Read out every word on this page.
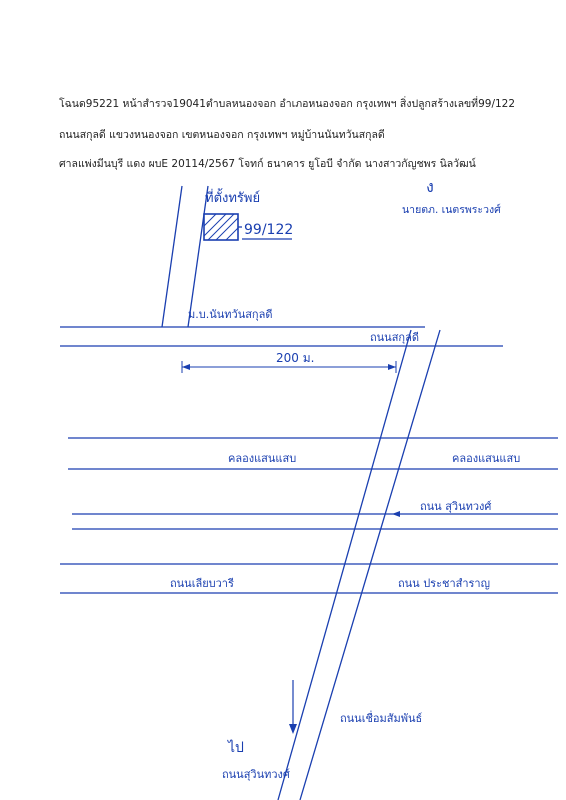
โฉนด95221 หน้าสำรวจ19041ตำบลหนองจอก อำเภอหนองจอก กรุงเทพฯ สิ่งปลูกสร้างเลขที่99/122
ถนนสกุลดี แขวงหนองจอก เขตหนองจอก กรุงเทพฯ หมู่บ้านนันทวันสกุลดี
ศาลแพ่งมีนบุรี แดง ผบE 20114/2567 โจทก์ ธนาคาร ยูโอบี จำกัด นางสาวกัญชพร นิลวัฒน์
ง
นายตภ. เนตรพระวงศ์
ที่ตั้งทรัพย์
99/122
ม.บ.นันทวันสกุลดี
ถนนสกุลดี
200 ม.
คลองแสนแสบ	คลองแสนแสบ
ถนน สุวินทวงศ์
ถนนเลียบวารี	ถนน ประชาสำราญ
ถนนเชื่อมสัมพันธ์
ไป
ถนนสุวินทวงศ์
